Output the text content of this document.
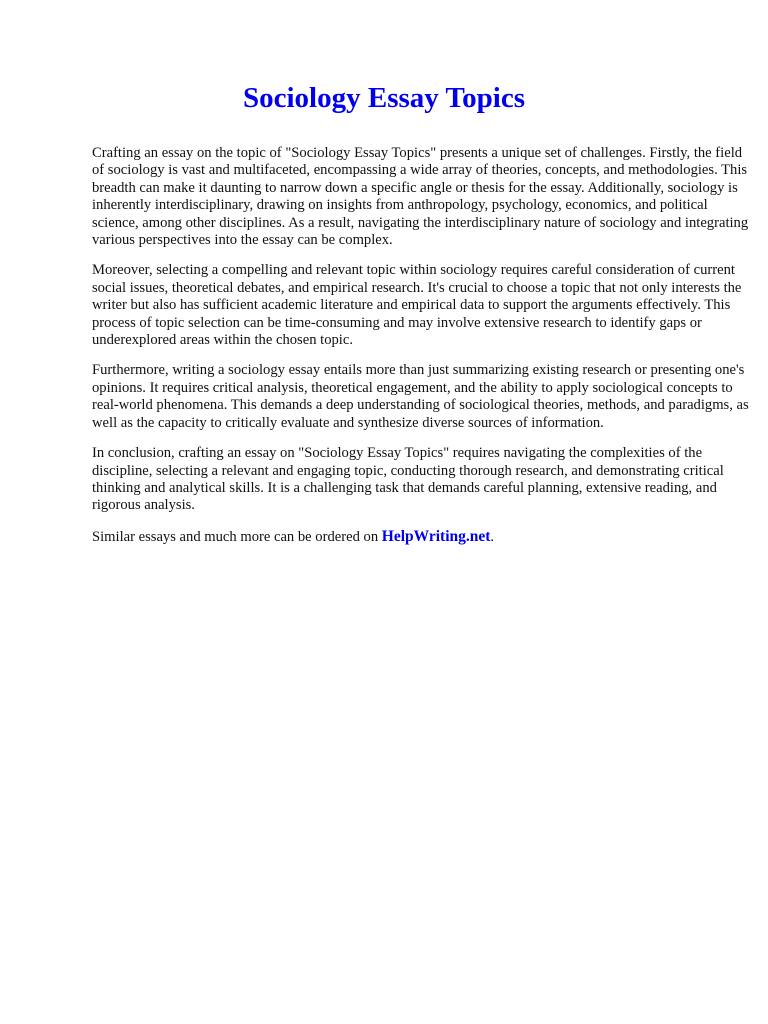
Sociology Essay Topics

Crafting an essay on the topic of "Sociology Essay Topics" presents a unique set of challenges. Firstly, the field of sociology is vast and multifaceted, encompassing a wide array of theories, concepts, and methodologies. This breadth can make it daunting to narrow down a specific angle or thesis for the essay. Additionally, sociology is inherently interdisciplinary, drawing on insights from anthropology, psychology, economics, and political science, among other disciplines. As a result, navigating the interdisciplinary nature of sociology and integrating various perspectives into the essay can be complex.

Moreover, selecting a compelling and relevant topic within sociology requires careful consideration of current social issues, theoretical debates, and empirical research. It's crucial to choose a topic that not only interests the writer but also has sufficient academic literature and empirical data to support the arguments effectively. This process of topic selection can be time-consuming and may involve extensive research to identify gaps or underexplored areas within the chosen topic.

Furthermore, writing a sociology essay entails more than just summarizing existing research or presenting one's opinions. It requires critical analysis, theoretical engagement, and the ability to apply sociological concepts to real-world phenomena. This demands a deep understanding of sociological theories, methods, and paradigms, as well as the capacity to critically evaluate and synthesize diverse sources of information.

In conclusion, crafting an essay on "Sociology Essay Topics" requires navigating the complexities of the discipline, selecting a relevant and engaging topic, conducting thorough research, and demonstrating critical thinking and analytical skills. It is a challenging task that demands careful planning, extensive reading, and rigorous analysis.

Similar essays and much more can be ordered on HelpWriting.net.
